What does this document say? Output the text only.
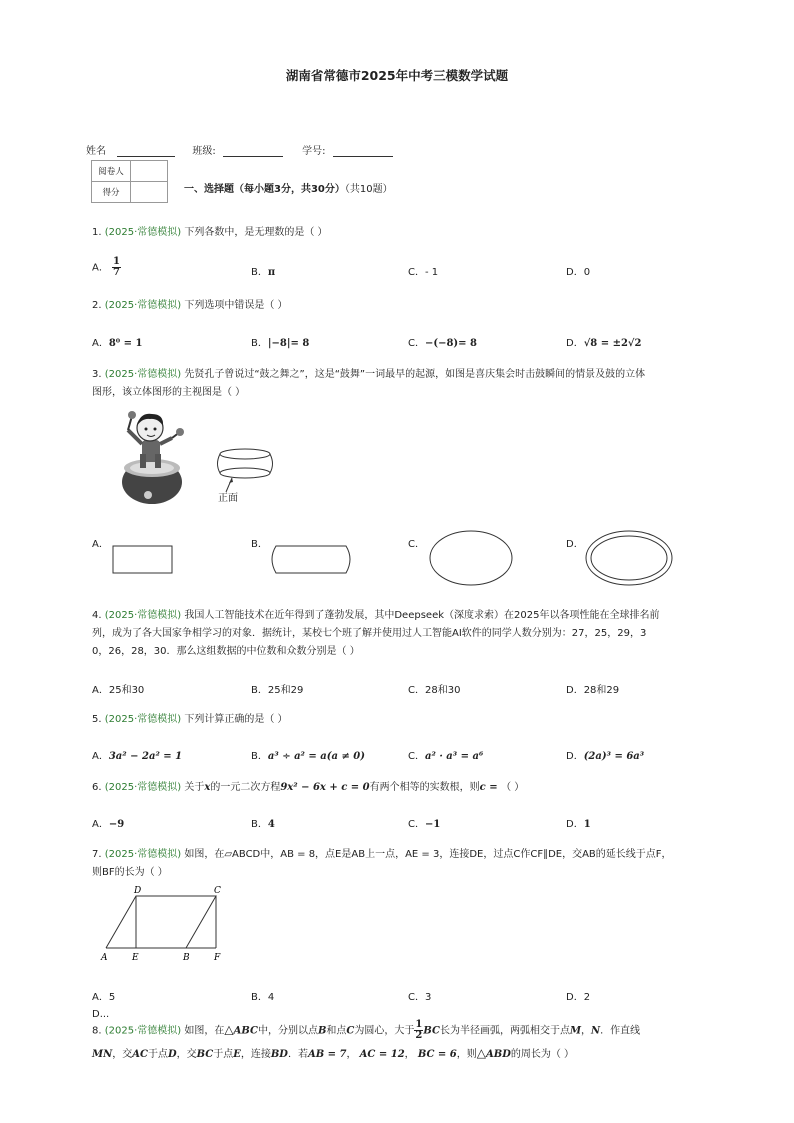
湖南省常德市2025年中考三模数学试题
姓名	班级:	学号:
阅卷人	
得分		一、选择题（每小题3分，共30分）（共10题）
1. (2025·常德模拟) 下列各数中，是无理数的是（ ）
A． $\frac{1}{7}$	B．π	C．- 1	D．0
2. (2025·常德模拟) 下列选项中错误是（ ）
A．8⁰ = 1	B．|−8|= 8	C．−(−8)= 8	D．√8 = ±2√2
3. (2025·常德模拟) 先贤孔子曾说过“鼓之舞之”，这是“鼓舞”一词最早的起源，如图是喜庆集会时击鼓瞬间的情景及鼓的立体
图形，该立体图形的主视图是（ ）
正面
A．	B．	C．	D．
4. (2025·常德模拟) 我国人工智能技术在近年得到了蓬勃发展，其中Deepseek（深度求索）在2025年以各项性能在全球排名前
列，成为了各大国家争相学习的对象．据统计，某校七个班了解并使用过人工智能AI软件的同学人数分别为：27，25，29，3
0，26，28，30．那么这组数据的中位数和众数分别是（ ）
A．25和30	B．25和29	C．28和30	D．28和29
5. (2025·常德模拟) 下列计算正确的是（ ）
A．3a² − 2a² = 1	B．a³ ÷ a² = a(a ≠ 0)	C．a² · a³ = a⁶	D．(2a)³ = 6a³
6. (2025·常德模拟) 关于x的一元二次方程9x² − 6x + c = 0有两个相等的实数根，则c = （ ）
A．−9	B．4	C．−1	D．1
7. (2025·常德模拟) 如图，在▱ABCD中，AB = 8，点E是AB上一点，AE = 3，连接DE，过点C作CF∥DE，交AB的延长线于点F，
则BF的长为（ ）
D	C
A	E	B	F
A．5	B．4	C．3	D．2
D...
8. (2025·常德模拟) 如图，在△ABC中，分别以点B和点C为圆心，大于 $\frac{1}{2}$ BC长为半径画弧，两弧相交于点M，N．作直线
MN，交AC于点D，交BC于点E，连接BD．若AB = 7， AC = 12， BC = 6，则△ABD的周长为（ ）
